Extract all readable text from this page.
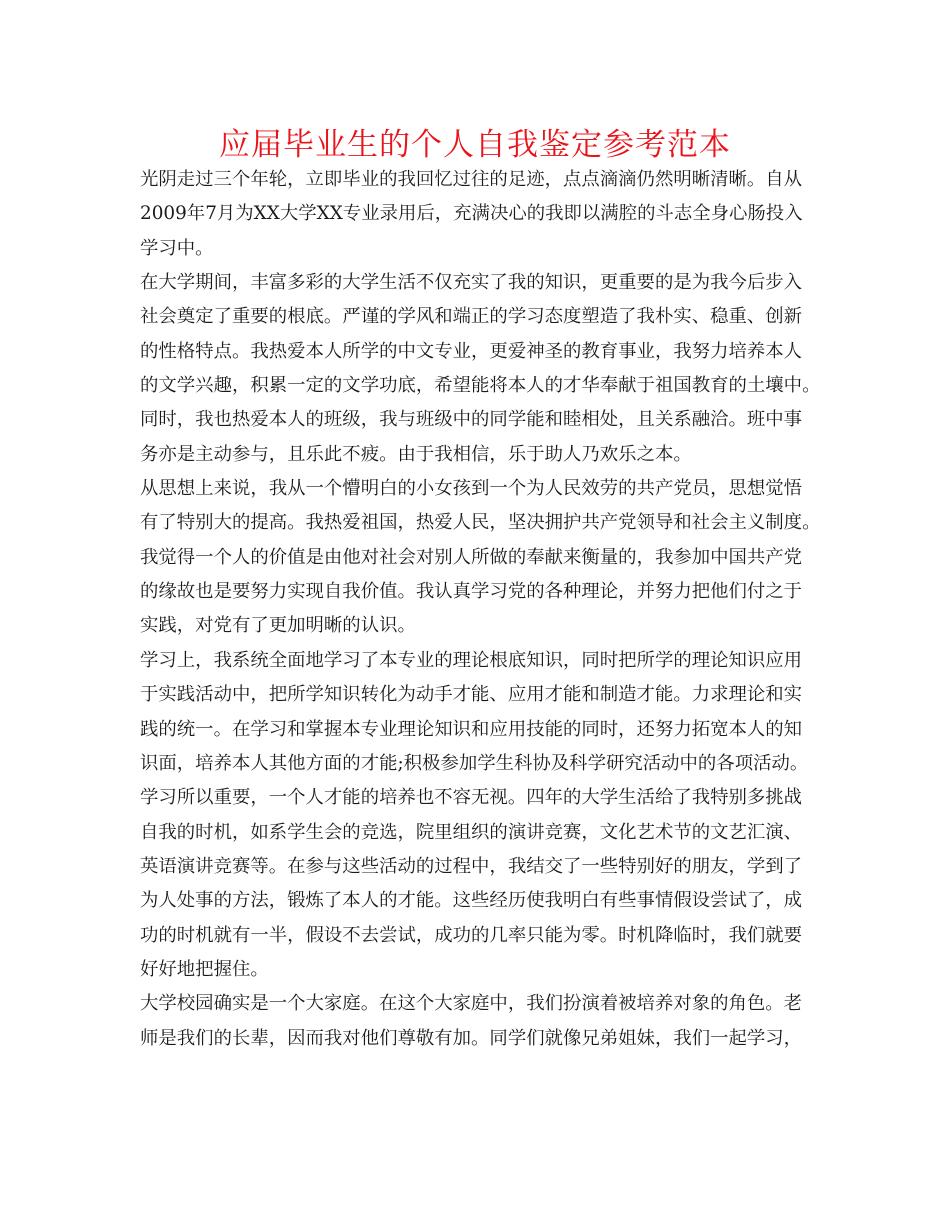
应届毕业生的个人自我鉴定参考范本
光阴走过三个年轮，立即毕业的我回忆过往的足迹，点点滴滴仍然明晰清晰。自从
2009年7月为XX大学XX专业录用后，充满决心的我即以满腔的斗志全身心肠投入
学习中。
在大学期间，丰富多彩的大学生活不仅充实了我的知识，更重要的是为我今后步入
社会奠定了重要的根底。严谨的学风和端正的学习态度塑造了我朴实、稳重、创新
的性格特点。我热爱本人所学的中文专业，更爱神圣的教育事业，我努力培养本人
的文学兴趣，积累一定的文学功底，希望能将本人的才华奉献于祖国教育的土壤中。
同时，我也热爱本人的班级，我与班级中的同学能和睦相处，且关系融洽。班中事
务亦是主动参与，且乐此不疲。由于我相信，乐于助人乃欢乐之本。
从思想上来说，我从一个懵明白的小女孩到一个为人民效劳的共产党员，思想觉悟
有了特别大的提高。我热爱祖国，热爱人民，坚决拥护共产党领导和社会主义制度。
我觉得一个人的价值是由他对社会对别人所做的奉献来衡量的，我参加中国共产党
的缘故也是要努力实现自我价值。我认真学习党的各种理论，并努力把他们付之于
实践，对党有了更加明晰的认识。
学习上，我系统全面地学习了本专业的理论根底知识，同时把所学的理论知识应用
于实践活动中，把所学知识转化为动手才能、应用才能和制造才能。力求理论和实
践的统一。在学习和掌握本专业理论知识和应用技能的同时，还努力拓宽本人的知
识面，培养本人其他方面的才能;积极参加学生科协及科学研究活动中的各项活动。
学习所以重要，一个人才能的培养也不容无视。四年的大学生活给了我特别多挑战
自我的时机，如系学生会的竞选，院里组织的演讲竞赛，文化艺术节的文艺汇演、
英语演讲竞赛等。在参与这些活动的过程中，我结交了一些特别好的朋友，学到了
为人处事的方法，锻炼了本人的才能。这些经历使我明白有些事情假设尝试了，成
功的时机就有一半，假设不去尝试，成功的几率只能为零。时机降临时，我们就要
好好地把握住。
大学校园确实是一个大家庭。在这个大家庭中，我们扮演着被培养对象的角色。老
师是我们的长辈，因而我对他们尊敬有加。同学们就像兄弟姐妹，我们一起学习，
